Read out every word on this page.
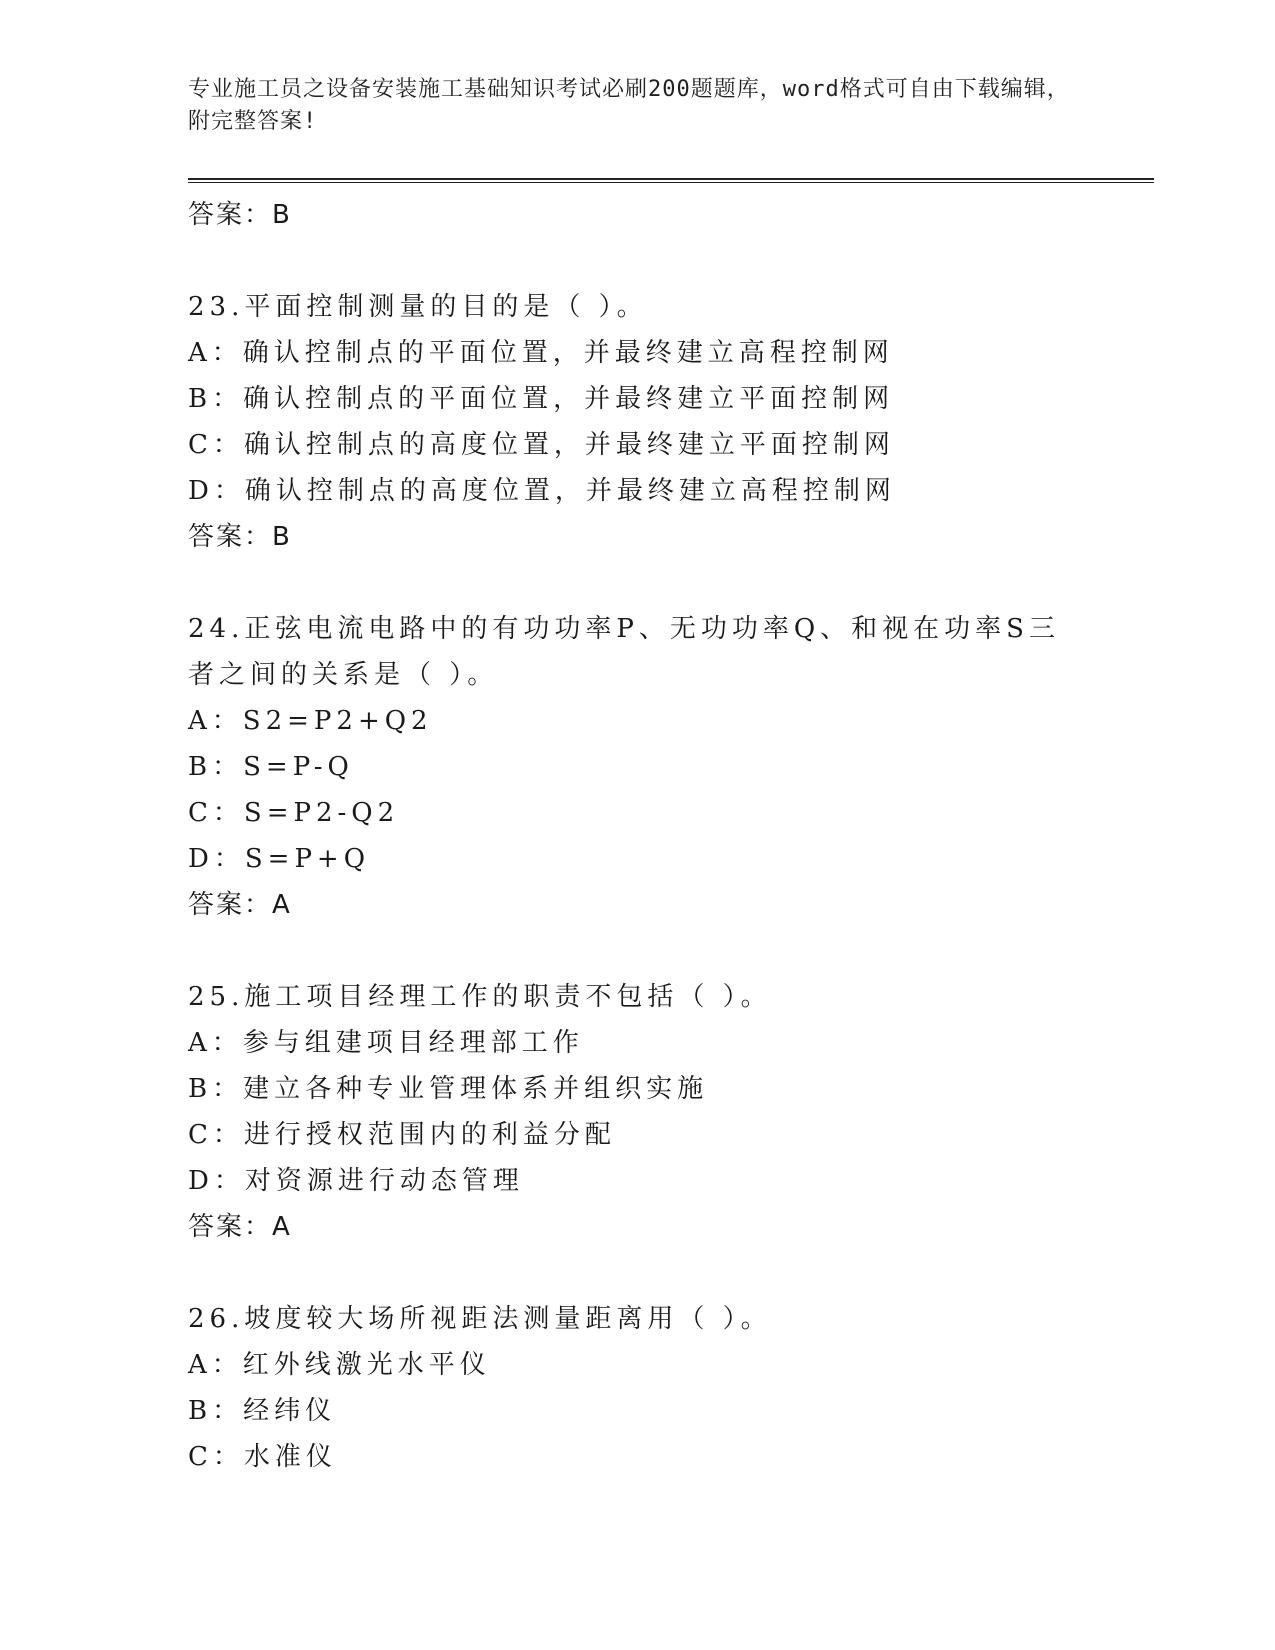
专业施工员之设备安装施工基础知识考试必刷200题题库，word格式可自由下载编辑，附完整答案!
答案：B
23.平面控制测量的目的是（ ）。
A：确认控制点的平面位置，并最终建立高程控制网
B：确认控制点的平面位置，并最终建立平面控制网
C：确认控制点的高度位置，并最终建立平面控制网
D：确认控制点的高度位置，并最终建立高程控制网
答案：B
24.正弦电流电路中的有功功率P、无功功率Q、和视在功率S三者之间的关系是（ ）。
A：S2=P2+Q2
B：S=P-Q
C：S=P2-Q2
D：S=P+Q
答案：A
25.施工项目经理工作的职责不包括（ ）。
A：参与组建项目经理部工作
B：建立各种专业管理体系并组织实施
C：进行授权范围内的利益分配
D：对资源进行动态管理
答案：A
26.坡度较大场所视距法测量距离用（ ）。
A：红外线激光水平仪
B：经纬仪
C：水准仪
